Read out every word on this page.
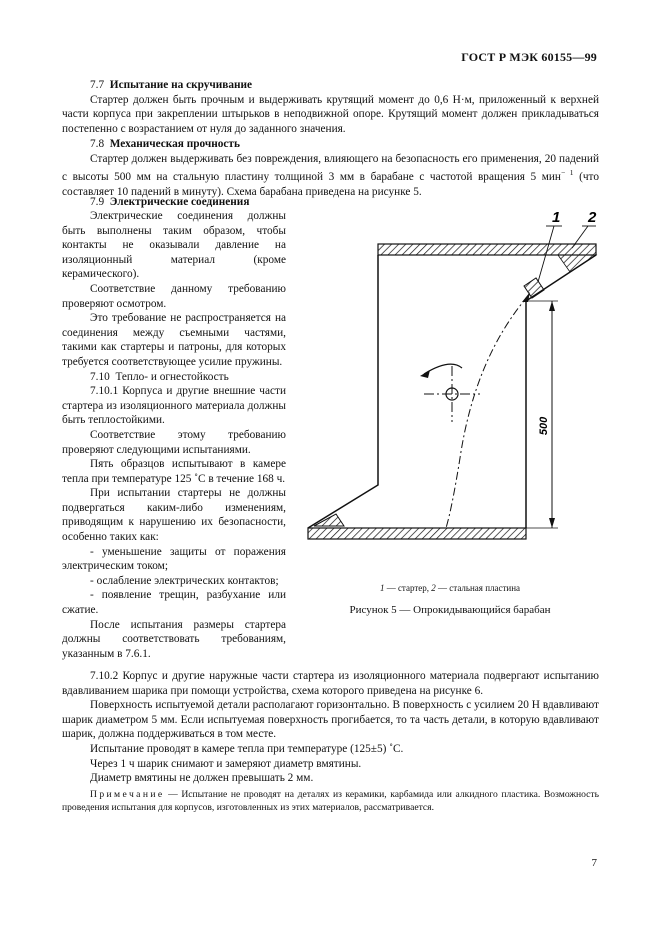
ГОСТ Р МЭК 60155—99

7.7 Испытание на скручивание

Стартер должен быть прочным и выдерживать крутящий момент до 0,6 Н·м, приложенный к верхней части корпуса при закреплении штырьков в неподвижной опоре. Крутящий момент должен прикладываться постепенно с возрастанием от нуля до заданного значения.

7.8 Механическая прочность

Стартер должен выдерживать без повреждения, влияющего на безопасность его применения, 20 падений с высоты 500 мм на стальную пластину толщиной 3 мм в барабане с частотой вращения 5 мин$^{- 1}$ (что составляет 10 падений в минуту). Схема барабана приведена на рисунке 5.

7.9 Электрические соединения

Электрические соединения должны быть выполнены таким образом, чтобы контакты не оказывали давление на изоляционный материал (кроме керамического).

Соответствие данному требованию проверяют осмотром.

Это требование не распространяется на соединения между съемными частями, такими как стартеры и патроны, для которых требуется соответствующее усилие пружины.

7.10 Тепло- и огнестойкость

7.10.1 Корпуса и другие внешние части стартера из изоляционного материала должны быть теплостойкими.

Соответствие этому требованию проверяют следующими испытаниями.

Пять образцов испытывают в камере тепла при температуре 125 ˚С в течение 168 ч.

При испытании стартеры не должны подвергаться каким-либо изменениям, приводящим к нарушению их безопасности, особенно таких как:

- уменьшение защиты от поражения электрическим током;

- ослабление электрических контактов;

- появление трещин, разбухание или сжатие.

После испытания размеры стартера должны соответствовать требованиям, указанным в 7.6.1.

500
1 2
1 — стартер, 2 — стальная пластина
Рисунок 5 — Опрокидывающийся барабан

7.10.2 Корпус и другие наружные части стартера из изоляционного материала подвергают испытанию вдавливанием шарика при помощи устройства, схема которого приведена на рисунке 6.

Поверхность испытуемой детали располагают горизонтально. В поверхность с усилием 20 Н вдавливают шарик диаметром 5 мм. Если испытуемая поверхность прогибается, то та часть детали, в которую вдавливают шарик, должна поддерживаться в том месте.

Испытание проводят в камере тепла при температуре (125±5) ˚С.

Через 1 ч шарик снимают и замеряют диаметр вмятины.

Диаметр вмятины не должен превышать 2 мм.

Примечание — Испытание не проводят на деталях из керамики, карбамида или алкидного пластика. Возможность проведения испытания для корпусов, изготовленных из этих материалов, рассматривается.

7
